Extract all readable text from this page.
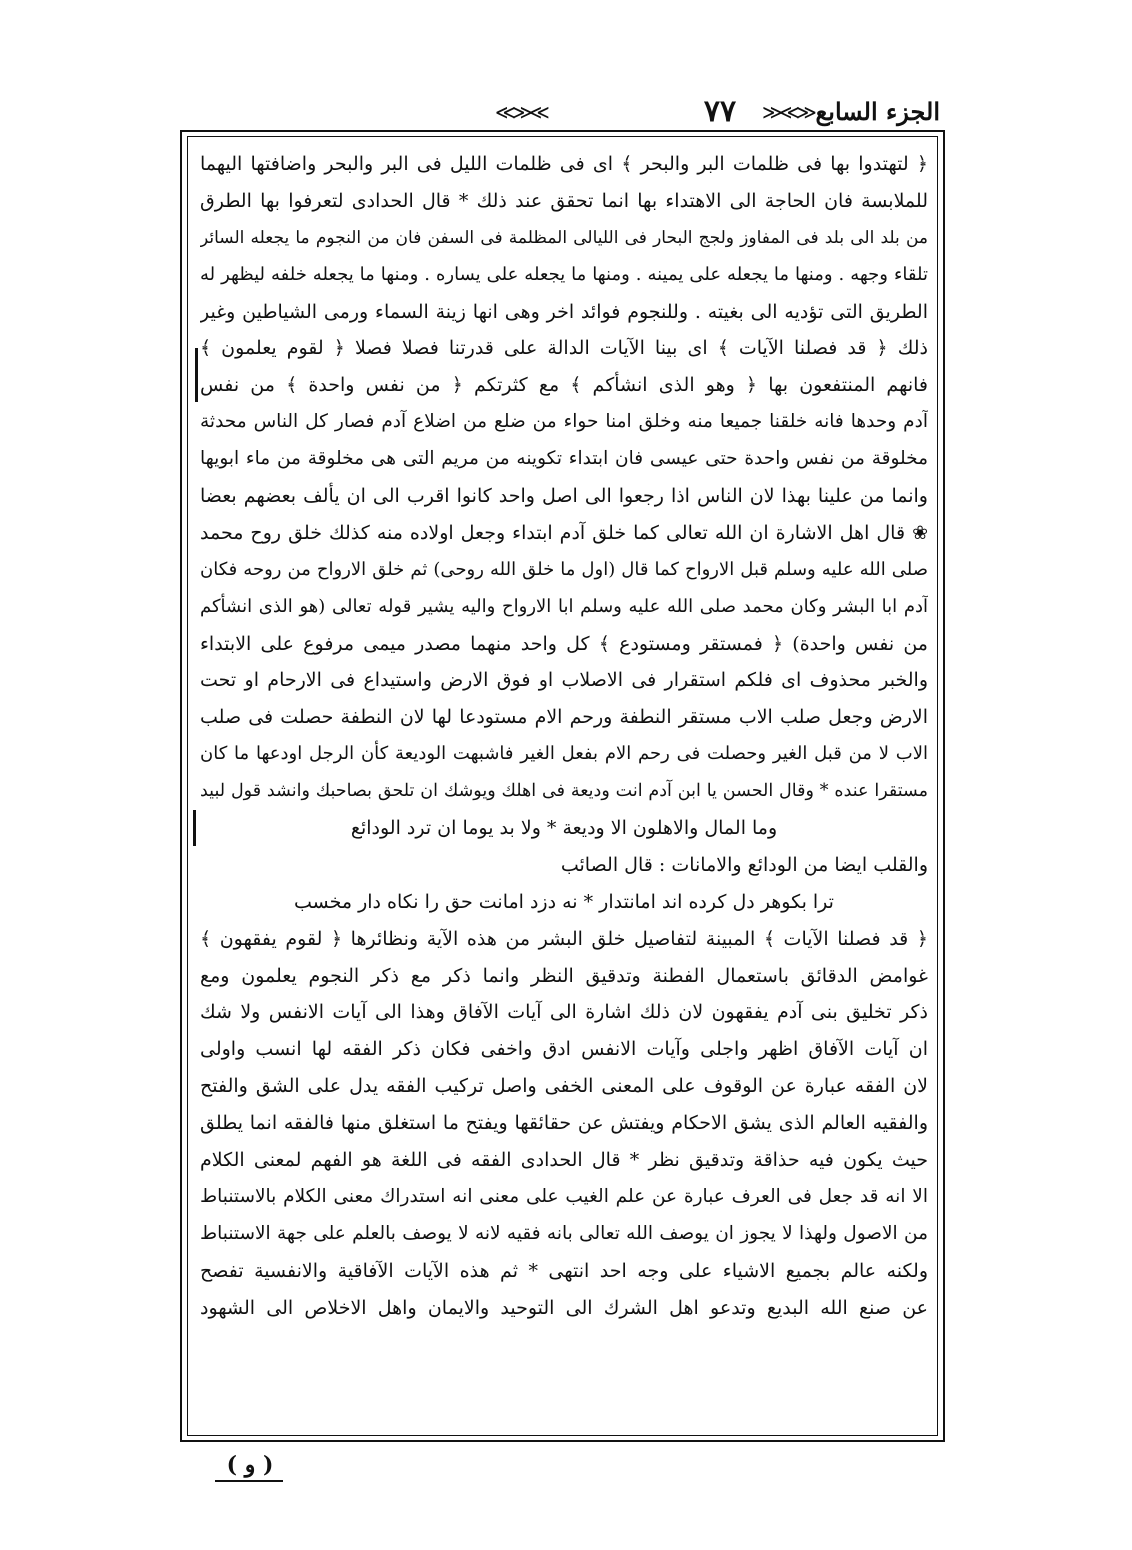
≪≫≪	٧٧	≫≪≫ الجزء السابع
﴿ لتهتدوا بها فى ظلمات البر والبحر ﴾ اى فى ظلمات الليل فى البر والبحر واضافتها اليهما
للملابسة فان الحاجة الى الاهتداء بها انما تحقق عند ذلك * قال الحدادى لتعرفوا بها الطرق
من بلد الى بلد فى المفاوز ولجج البحار فى الليالى المظلمة فى السفن فان من النجوم ما يجعله السائر
تلقاء وجهه . ومنها ما يجعله على يمينه . ومنها ما يجعله على يساره . ومنها ما يجعله خلفه ليظهر له
الطريق التى تؤديه الى بغيته . وللنجوم فوائد اخر وهى انها زينة السماء ورمى الشياطين وغير
ذلك ﴿ قد فصلنا الآيات ﴾ اى بينا الآيات الدالة على قدرتنا فصلا فصلا ﴿ لقوم يعلمون ﴾
فانهم المنتفعون بها ﴿ وهو الذى انشأكم ﴾ مع كثرتكم ﴿ من نفس واحدة ﴾ من نفس
آدم وحدها فانه خلقنا جميعا منه وخلق امنا حواء من ضلع من اضلاع آدم فصار كل الناس محدثة
مخلوقة من نفس واحدة حتى عيسى فان ابتداء تكوينه من مريم التى هى مخلوقة من ماء ابويها
وانما من علينا بهذا لان الناس اذا رجعوا الى اصل واحد كانوا اقرب الى ان يألف بعضهم بعضا
❀ قال اهل الاشارة ان الله تعالى كما خلق آدم ابتداء وجعل اولاده منه كذلك خلق روح محمد
صلى الله عليه وسلم قبل الارواح كما قال (اول ما خلق الله روحى) ثم خلق الارواح من روحه فكان
آدم ابا البشر وكان محمد صلى الله عليه وسلم ابا الارواح واليه يشير قوله تعالى (هو الذى انشأكم
من نفس واحدة) ﴿ فمستقر ومستودع ﴾ كل واحد منهما مصدر ميمى مرفوع على الابتداء
والخبر محذوف اى فلكم استقرار فى الاصلاب او فوق الارض واستيداع فى الارحام او تحت
الارض وجعل صلب الاب مستقر النطفة ورحم الام مستودعا لها لان النطفة حصلت فى صلب
الاب لا من قبل الغير وحصلت فى رحم الام بفعل الغير فاشبهت الوديعة كأن الرجل اودعها ما كان
مستقرا عنده * وقال الحسن يا ابن آدم انت وديعة فى اهلك ويوشك ان تلحق بصاحبك وانشد قول لبيد
وما المال والاهلون الا وديعة * ولا بد يوما ان ترد الودائع
والقلب ايضا من الودائع والامانات : قال الصائب
ترا بكوهر دل كرده اند امانتدار * نه دزد امانت حق را نكاه دار مخسب
﴿ قد فصلنا الآيات ﴾ المبينة لتفاصيل خلق البشر من هذه الآية ونظائرها ﴿ لقوم يفقهون ﴾
غوامض الدقائق باستعمال الفطنة وتدقيق النظر وانما ذكر مع ذكر النجوم يعلمون ومع
ذكر تخليق بنى آدم يفقهون لان ذلك اشارة الى آيات الآفاق وهذا الى آيات الانفس ولا شك
ان آيات الآفاق اظهر واجلى وآيات الانفس ادق واخفى فكان ذكر الفقه لها انسب واولى
لان الفقه عبارة عن الوقوف على المعنى الخفى واصل تركيب الفقه يدل على الشق والفتح
والفقيه العالم الذى يشق الاحكام ويفتش عن حقائقها ويفتح ما استغلق منها فالفقه انما يطلق
حيث يكون فيه حذاقة وتدقيق نظر * قال الحدادى الفقه فى اللغة هو الفهم لمعنى الكلام
الا انه قد جعل فى العرف عبارة عن علم الغيب على معنى انه استدراك معنى الكلام بالاستنباط
من الاصول ولهذا لا يجوز ان يوصف الله تعالى بانه فقيه لانه لا يوصف بالعلم على جهة الاستنباط
ولكنه عالم بجميع الاشياء على وجه احد انتهى * ثم هذه الآيات الآفاقية والانفسية تفصح
عن صنع الله البديع وتدعو اهل الشرك الى التوحيد والايمان واهل الاخلاص الى الشهود
( و )
